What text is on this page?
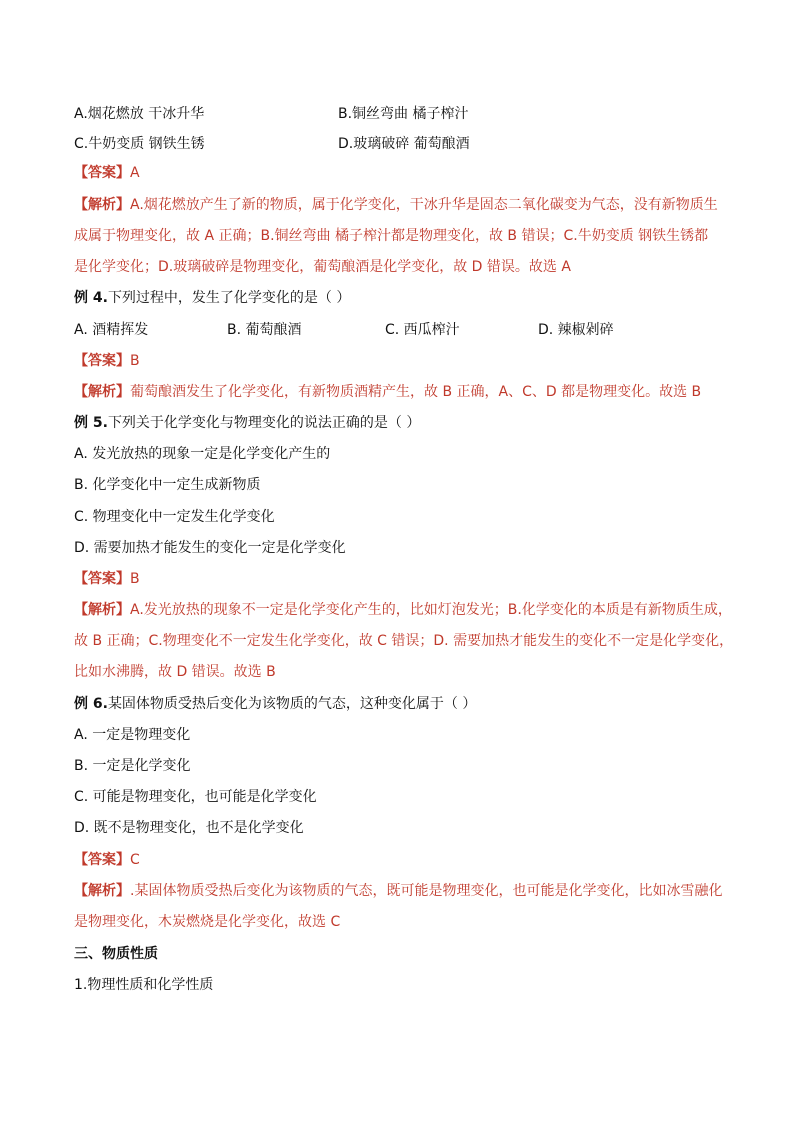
A.烟花燃放 干冰升华	B.铜丝弯曲 橘子榨汁
C.牛奶变质 钢铁生锈	D.玻璃破碎 葡萄酿酒
【答案】A
【解析】A.烟花燃放产生了新的物质，属于化学变化，干冰升华是固态二氧化碳变为气态，没有新物质生
成属于物理变化，故 A 正确；B.铜丝弯曲 橘子榨汁都是物理变化，故 B 错误；C.牛奶变质 钢铁生锈都
是化学变化；D.玻璃破碎是物理变化，葡萄酿酒是化学变化，故 D 错误。故选 A
例 4.下列过程中，发生了化学变化的是（ ）
A. 酒精挥发	B. 葡萄酿酒	C. 西瓜榨汁	D. 辣椒剁碎
【答案】B
【解析】葡萄酿酒发生了化学变化，有新物质酒精产生，故 B 正确，A、C、D 都是物理变化。故选 B
例 5.下列关于化学变化与物理变化的说法正确的是（ ）
A. 发光放热的现象一定是化学变化产生的
B. 化学变化中一定生成新物质
C. 物理变化中一定发生化学变化
D. 需要加热才能发生的变化一定是化学变化
【答案】B
【解析】A.发光放热的现象不一定是化学变化产生的，比如灯泡发光；B.化学变化的本质是有新物质生成，
故 B 正确；C.物理变化不一定发生化学变化，故 C 错误；D. 需要加热才能发生的变化不一定是化学变化，
比如水沸腾，故 D 错误。故选 B
例 6.某固体物质受热后变化为该物质的气态，这种变化属于（ ）
A. 一定是物理变化
B. 一定是化学变化
C. 可能是物理变化，也可能是化学变化
D. 既不是物理变化，也不是化学变化
【答案】C
【解析】.某固体物质受热后变化为该物质的气态，既可能是物理变化，也可能是化学变化，比如冰雪融化
是物理变化，木炭燃烧是化学变化，故选 C
三、物质性质
1.物理性质和化学性质
